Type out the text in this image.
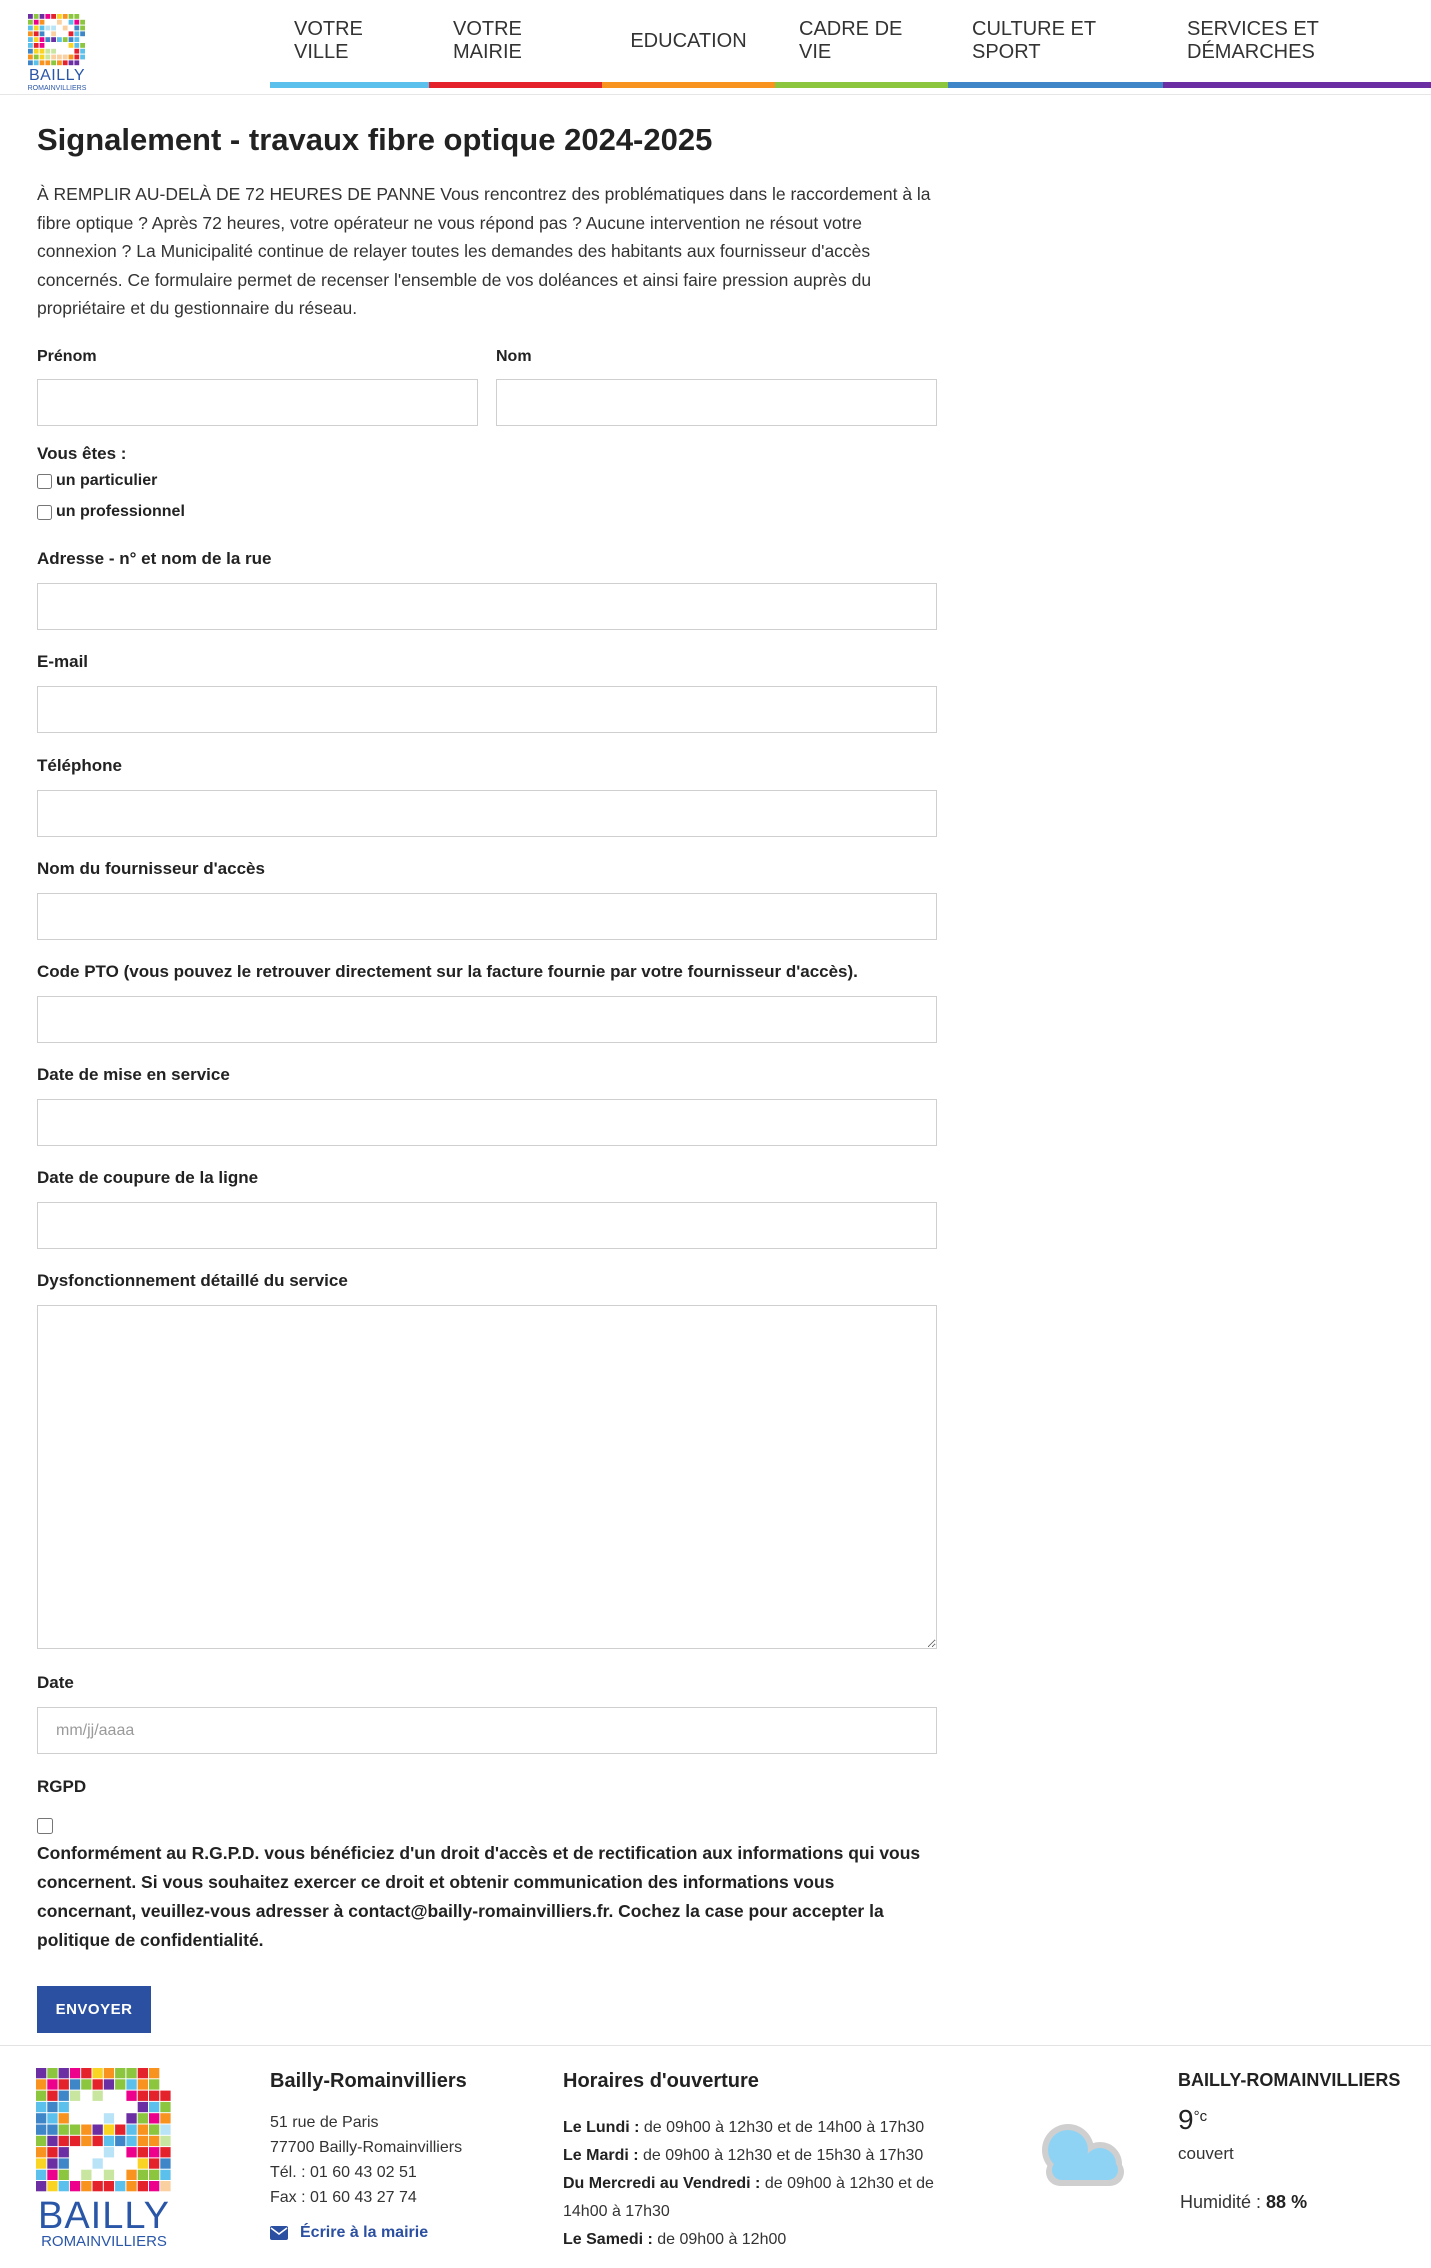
BAILLY
ROMAINVILLIERS
VOTRE VILLE
VOTRE MAIRIE
EDUCATION
CADRE DE VIE
CULTURE ET SPORT
SERVICES ET DÉMARCHES
Signalement - travaux fibre optique 2024-2025

À REMPLIR AU-DELÀ DE 72 HEURES DE PANNE Vous rencontrez des problématiques dans le raccordement à la fibre optique ? Après 72 heures, votre opérateur ne vous répond pas ? Aucune intervention ne résout votre connexion ? La Municipalité continue de relayer toutes les demandes des habitants aux fournisseur d'accès concernés. Ce formulaire permet de recenser l'ensemble de vos doléances et ainsi faire pression auprès du propriétaire et du gestionnaire du réseau.

Prénom	Nom
Vous êtes :
un particulier
un professionnel
Adresse - n° et nom de la rue
E-mail
Téléphone
Nom du fournisseur d'accès
Code PTO (vous pouvez le retrouver directement sur la facture fournie par votre fournisseur d'accès).
Date de mise en service
Date de coupure de la ligne
Dysfonctionnement détaillé du service
Date
mm/jj/aaaa
RGPD

Conformément au R.G.P.D. vous bénéficiez d'un droit d'accès et de rectification aux informations qui vous concernent. Si vous souhaitez exercer ce droit et obtenir communication des informations vous concernant, veuillez-vous adresser à contact@bailly-romainvilliers.fr. Cochez la case pour accepter la politique de confidentialité.

ENVOYER
BAILLY
ROMAINVILLIERS
Bailly-Romainvilliers
51 rue de Paris
77700 Bailly-Romainvilliers
Tél. : 01 60 43 02 51
Fax : 01 60 43 27 74
Écrire à la mairie
Horaires d'ouverture
Le Lundi : de 09h00 à 12h30 et de 14h00 à 17h30
Le Mardi : de 09h00 à 12h30 et de 15h30 à 17h30
Du Mercredi au Vendredi : de 09h00 à 12h30 et de 14h00 à 17h30
Le Samedi : de 09h00 à 12h00
BAILLY-ROMAINVILLIERS
$9^{^\circ c}$
couvert
Humidité : 88 %
